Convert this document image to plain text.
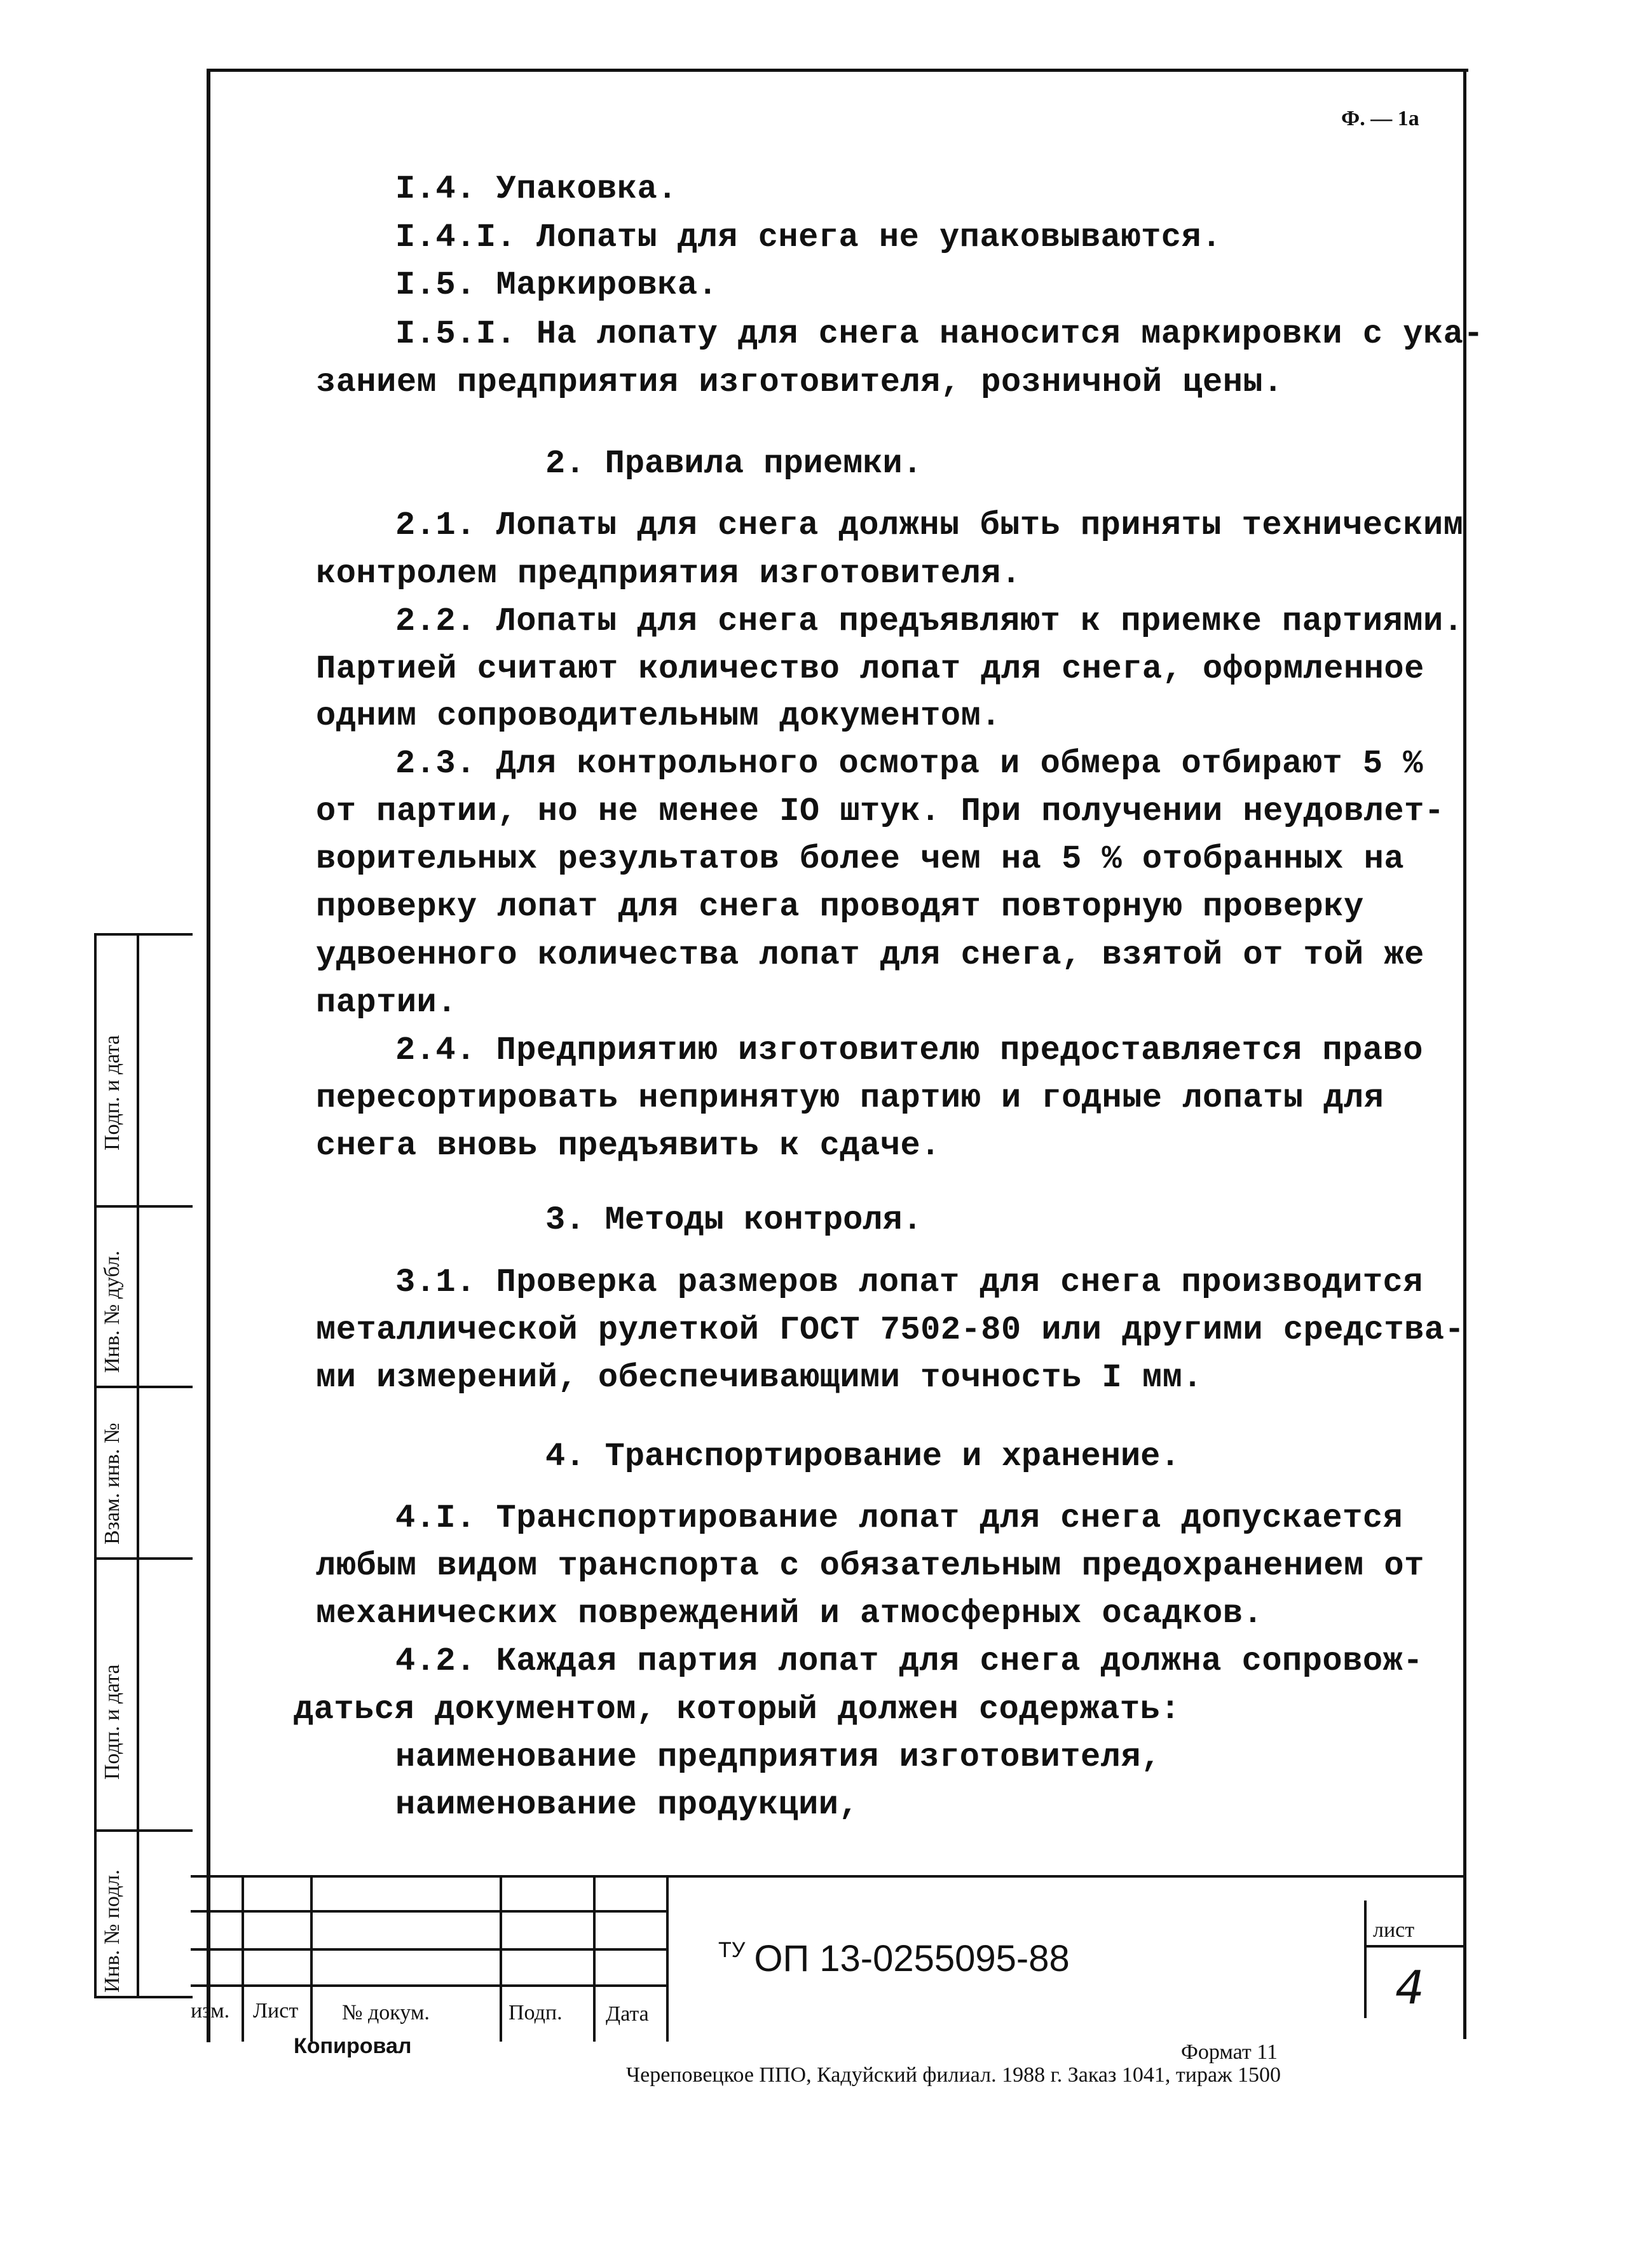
Ф. — 1а
I.4. Упаковка.
I.4.I. Лопаты для снега не упаковываются.
I.5. Маркировка.
I.5.I. На лопату для снега наносится маркировки с ука-
занием предприятия изготовителя, розничной цены.
2. Правила приемки.
2.1. Лопаты для снега должны быть приняты техническим
контролем предприятия изготовителя.
2.2. Лопаты для снега предъявляют к приемке партиями.
Партией считают количество лопат для снега, оформленное
одним сопроводительным документом.
2.3. Для контрольного осмотра и обмера отбирают 5 %
от партии, но не менее IO штук. При получении неудовлет-
ворительных результатов более чем на 5 % отобранных на
проверку лопат для снега проводят повторную проверку
удвоенного количества лопат для снега, взятой от той же
партии.
2.4. Предприятию изготовителю предоставляется право
пересортировать непринятую партию и годные лопаты для
снега вновь предъявить к сдаче.
3. Методы контроля.
3.1. Проверка размеров лопат для снега производится
металлической рулеткой ГОСТ 7502-80 или другими средства-
ми измерений, обеспечивающими точность I мм.
4. Транспортирование и хранение.
4.I. Транспортирование лопат для снега допускается
любым видом транспорта с обязательным предохранением от
механических повреждений и атмосферных осадков.
4.2. Каждая партия лопат для снега должна сопровож-
даться документом, который должен содержать:
наименование предприятия изготовителя,
наименование продукции,
Подп. и дата
Инв. № дубл.
Взам. инв. №
Подп. и дата
Инв. № подл.
изм. Лист № докум.	Подп. Дата
$^{ТУ}$ ОП 13-0255095-88
лист
4
Копировал	Формат 11
Череповецкое ППО, Кадуйский филиал. 1988 г. Заказ 1041, тираж 1500
